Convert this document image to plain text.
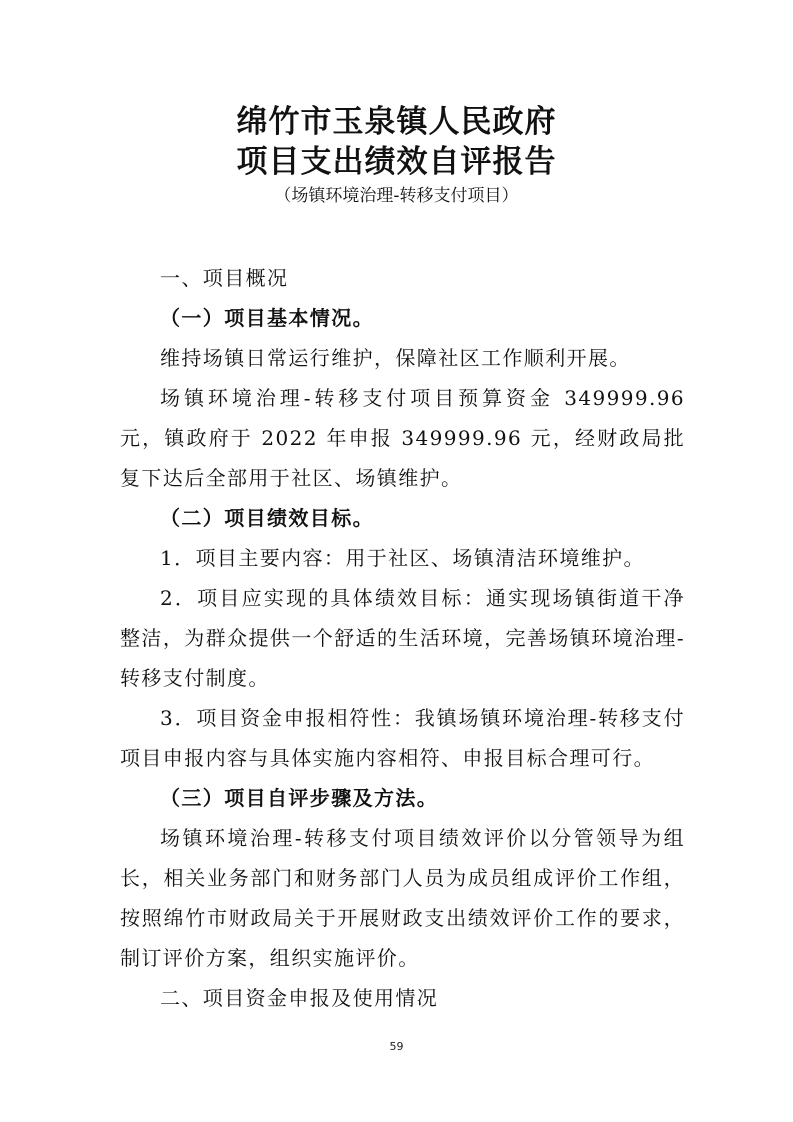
绵竹市玉泉镇人民政府
项目支出绩效自评报告

（场镇环境治理-转移支付项目）

一、项目概况

（一）项目基本情况。

维持场镇日常运行维护，保障社区工作顺利开展。

场镇环境治理-转移支付项目预算资金 349999.96 元，镇政府于 2022 年申报 349999.96 元，经财政局批复下达后全部用于社区、场镇维护。

（二）项目绩效目标。

1．项目主要内容：用于社区、场镇清洁环境维护。

2．项目应实现的具体绩效目标：通实现场镇街道干净整洁，为群众提供一个舒适的生活环境，完善场镇环境治理-转移支付制度。

3．项目资金申报相符性：我镇场镇环境治理-转移支付项目申报内容与具体实施内容相符、申报目标合理可行。

（三）项目自评步骤及方法。

场镇环境治理-转移支付项目绩效评价以分管领导为组长，相关业务部门和财务部门人员为成员组成评价工作组，按照绵竹市财政局关于开展财政支出绩效评价工作的要求，制订评价方案，组织实施评价。

二、项目资金申报及使用情况

59
